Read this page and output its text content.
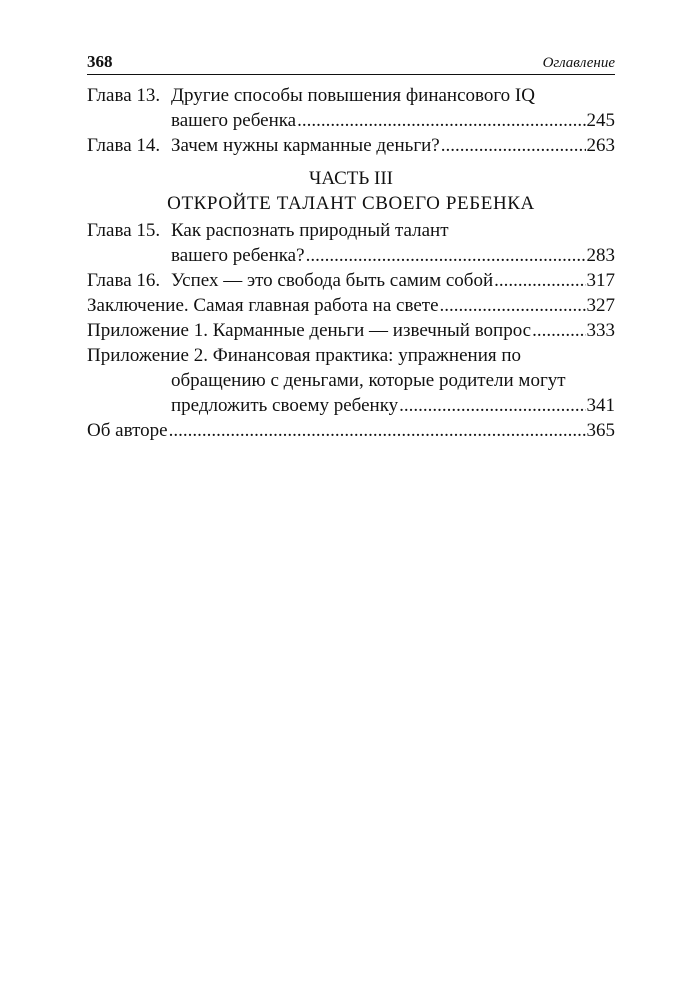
368	Оглавление
Глава 13. Другие способы повышения финансового IQ
вашего ребенка .....	245
Глава 14. Зачем нужны карманные деньги? .....	263
ЧАСТЬ III
ОТКРОЙТЕ ТАЛАНТ СВОЕГО РЕБЕНКА
Глава 15. Как распознать природный талант
вашего ребенка? .....	283
Глава 16. Успех — это свобода быть самим собой .....	317
Заключение. Самая главная работа на свете .....	327
Приложение 1. Карманные деньги — извечный вопрос .....	333
Приложение 2. Финансовая практика: упражнения по
обращению с деньгами, которые родители могут
предложить своему ребенку .....	341
Об авторе .....	365
